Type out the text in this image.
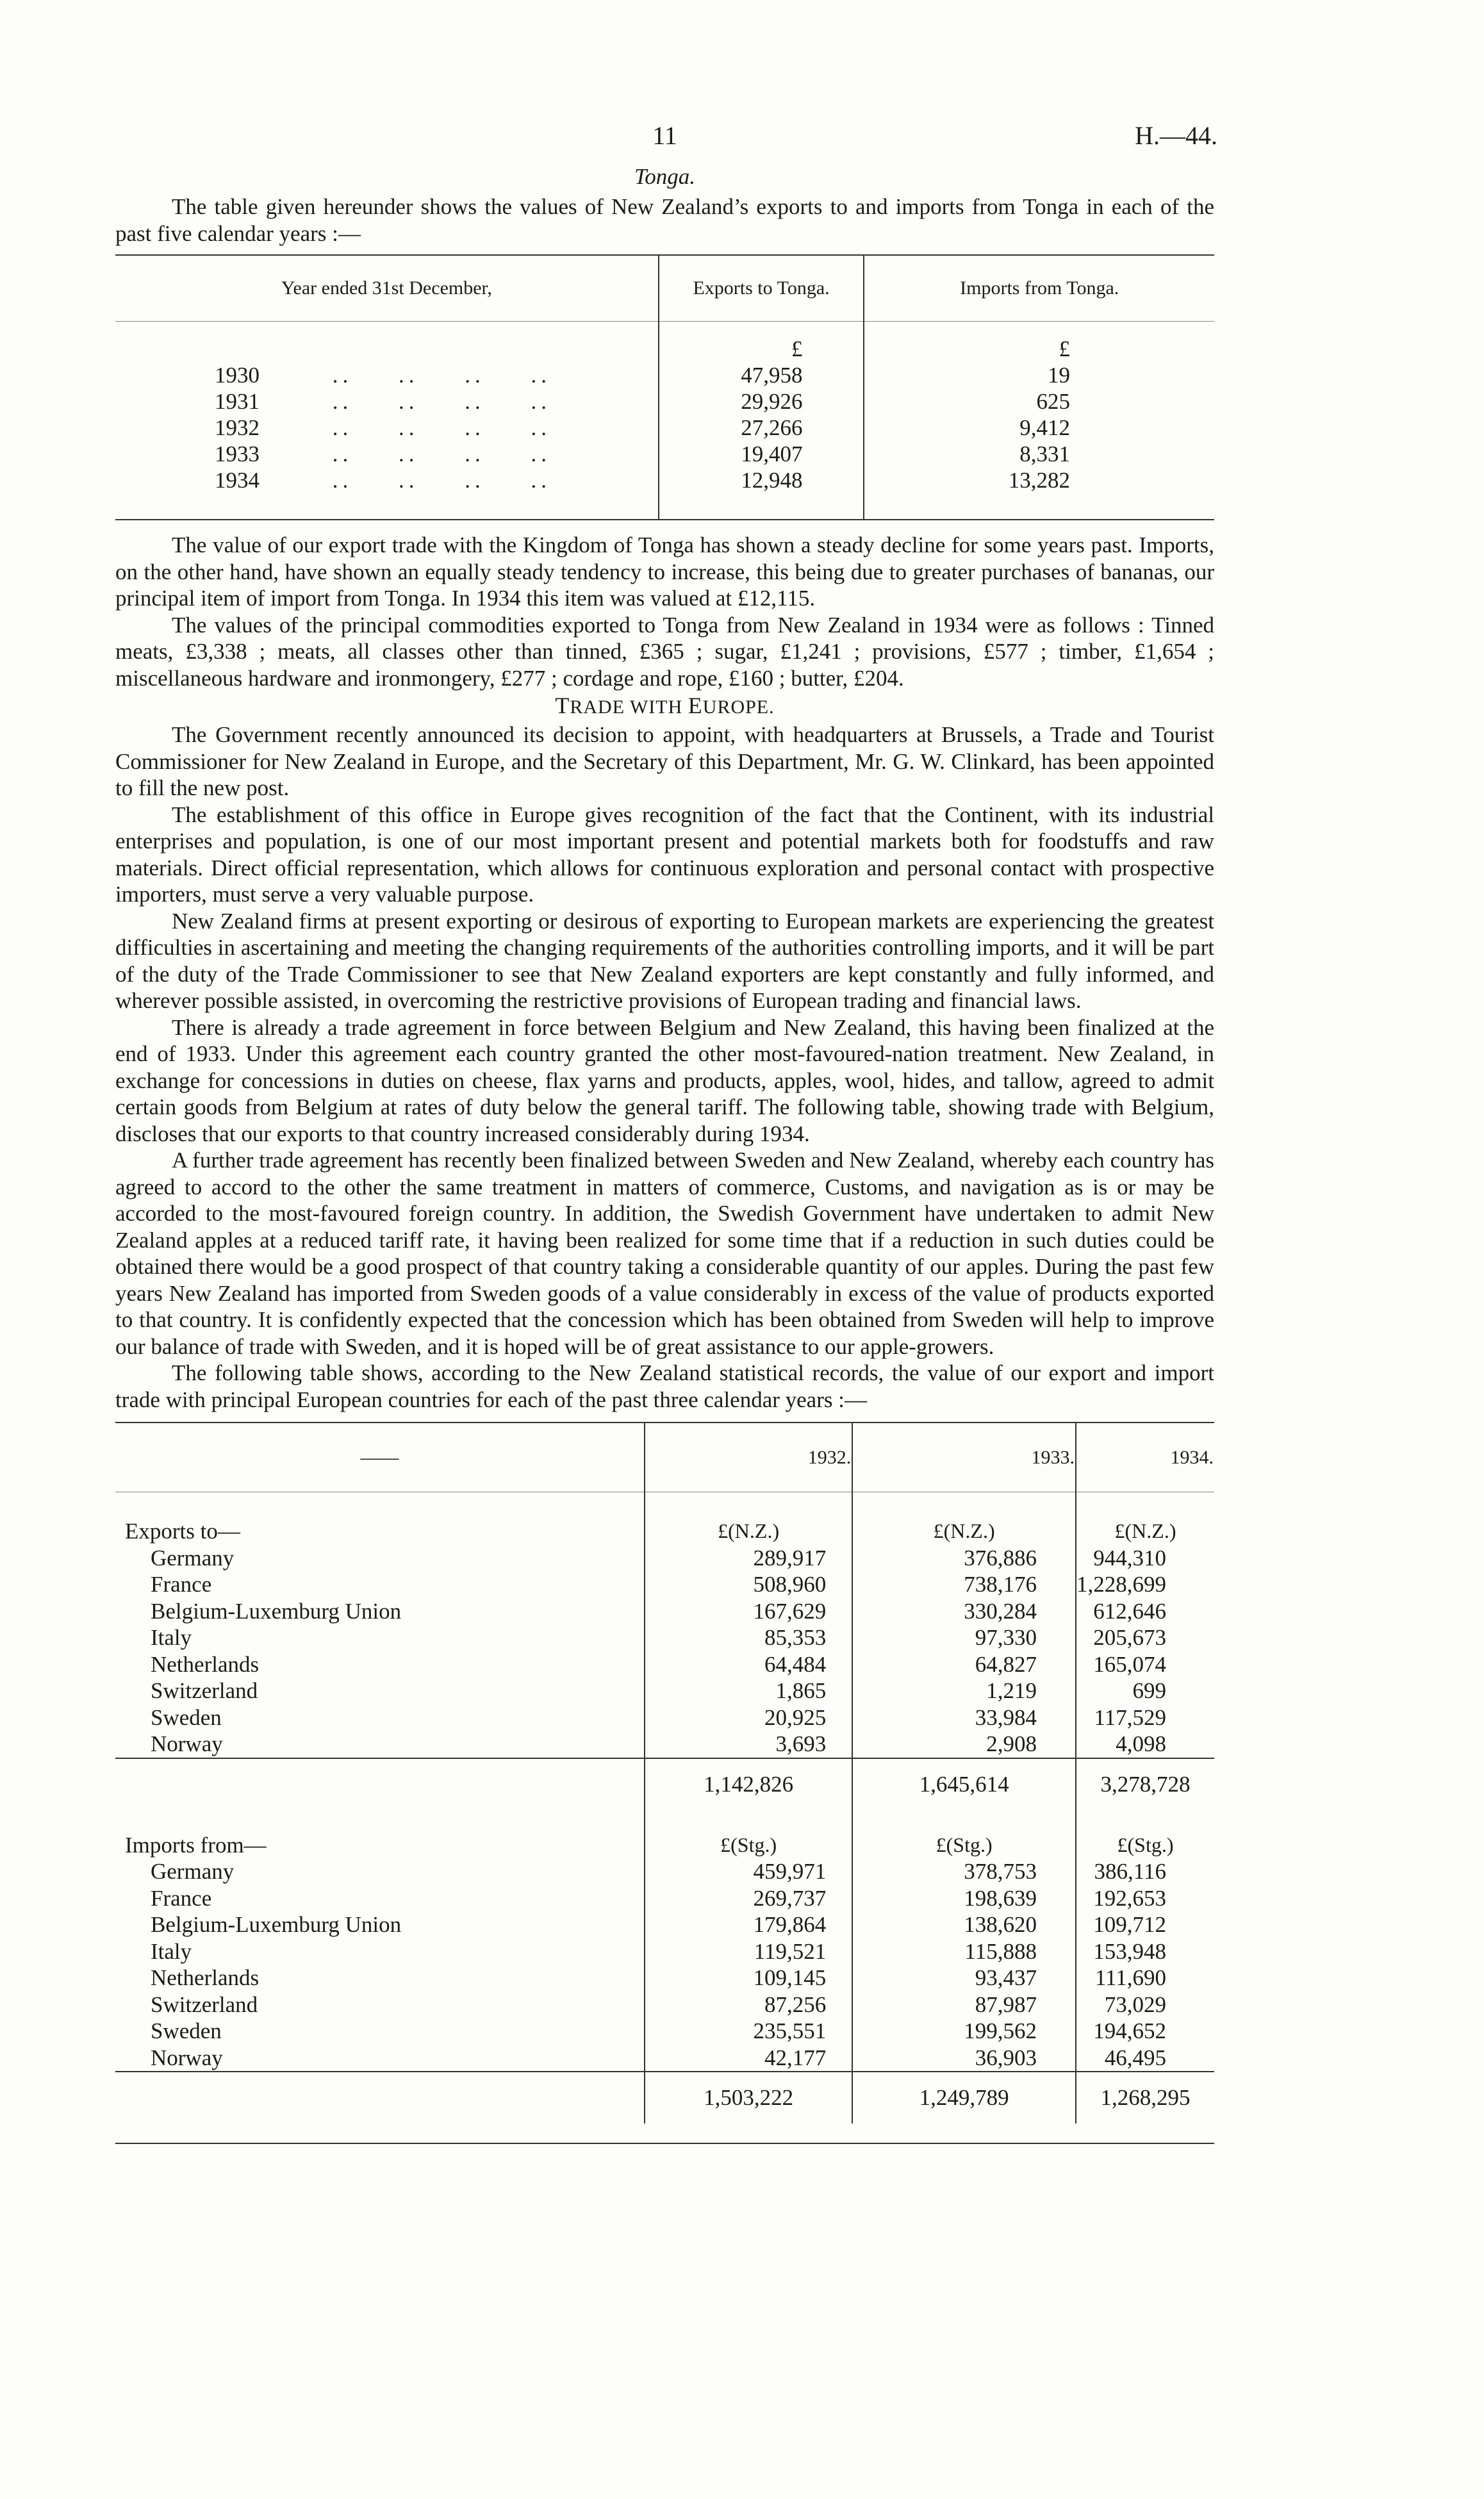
11	H.—44.

Tonga.

The table given hereunder shows the values of New Zealand’s exports to and imports from Tonga in each of the past five calendar years :—

Year ended 31st December,	Exports to Tonga.	Imports from Tonga.
	£	£
1930             . .         . .         . .         . .	47,958	19
1931             . .         . .         . .         . .	29,926	625
1932             . .         . .         . .         . .	27,266	9,412
1933             . .         . .         . .         . .	19,407	8,331
1934             . .         . .         . .         . .	12,948	13,282

The value of our export trade with the Kingdom of Tonga has shown a steady decline for some years past. Imports, on the other hand, have shown an equally steady tendency to increase, this being due to greater purchases of bananas, our principal item of import from Tonga. In 1934 this item was valued at £12,115.

The values of the principal commodities exported to Tonga from New Zealand in 1934 were as follows : Tinned meats, £3,338 ; meats, all classes other than tinned, £365 ; sugar, £1,241 ; provisions, £577 ; timber, £1,654 ; miscellaneous hardware and ironmongery, £277 ; cordage and rope, £160 ; butter, £204.

TRADE WITH EUROPE.

The Government recently announced its decision to appoint, with headquarters at Brussels, a Trade and Tourist Commissioner for New Zealand in Europe, and the Secretary of this Department, Mr. G. W. Clinkard, has been appointed to fill the new post.

The establishment of this office in Europe gives recognition of the fact that the Continent, with its industrial enterprises and population, is one of our most important present and potential markets both for foodstuffs and raw materials. Direct official representation, which allows for continuous exploration and personal contact with prospective importers, must serve a very valuable purpose.

New Zealand firms at present exporting or desirous of exporting to European markets are experiencing the greatest difficulties in ascertaining and meeting the changing requirements of the authorities controlling imports, and it will be part of the duty of the Trade Commissioner to see that New Zealand exporters are kept constantly and fully informed, and wherever possible assisted, in overcoming the restrictive provisions of European trading and financial laws.

There is already a trade agreement in force between Belgium and New Zealand, this having been finalized at the end of 1933. Under this agreement each country granted the other most-favoured-nation treatment. New Zealand, in exchange for concessions in duties on cheese, flax yarns and products, apples, wool, hides, and tallow, agreed to admit certain goods from Belgium at rates of duty below the general tariff. The following table, showing trade with Belgium, discloses that our exports to that country increased considerably during 1934.

A further trade agreement has recently been finalized between Sweden and New Zealand, whereby each country has agreed to accord to the other the same treatment in matters of commerce, Customs, and navigation as is or may be accorded to the most-favoured foreign country. In addition, the Swedish Government have undertaken to admit New Zealand apples at a reduced tariff rate, it having been realized for some time that if a reduction in such duties could be obtained there would be a good prospect of that country taking a considerable quantity of our apples. During the past few years New Zealand has imported from Sweden goods of a value considerably in excess of the value of products exported to that country. It is confidently expected that the concession which has been obtained from Sweden will help to improve our balance of trade with Sweden, and it is hoped will be of great assistance to our apple-growers.

The following table shows, according to the New Zealand statistical records, the value of our export and import trade with principal European countries for each of the past three calendar years :—

——	1932.	1933.	1934.

Exports to—	£(N.Z.)	£(N.Z.)	£(N.Z.)
Germany	289,917	376,886	944,310
France	508,960	738,176	1,228,699
Belgium-Luxemburg Union	167,629	330,284	612,646
Italy	85,353	97,330	205,673
Netherlands	64,484	64,827	165,074
Switzerland	1,865	1,219	699
Sweden	20,925	33,984	117,529
Norway	3,693	2,908	4,098
	1,142,826	1,645,614	3,278,728

Imports from—	£(Stg.)	£(Stg.)	£(Stg.)
Germany	459,971	378,753	386,116
France	269,737	198,639	192,653
Belgium-Luxemburg Union	179,864	138,620	109,712
Italy	119,521	115,888	153,948
Netherlands	109,145	93,437	111,690
Switzerland	87,256	87,987	73,029
Sweden	235,551	199,562	194,652
Norway	42,177	36,903	46,495
	1,503,222	1,249,789	1,268,295
